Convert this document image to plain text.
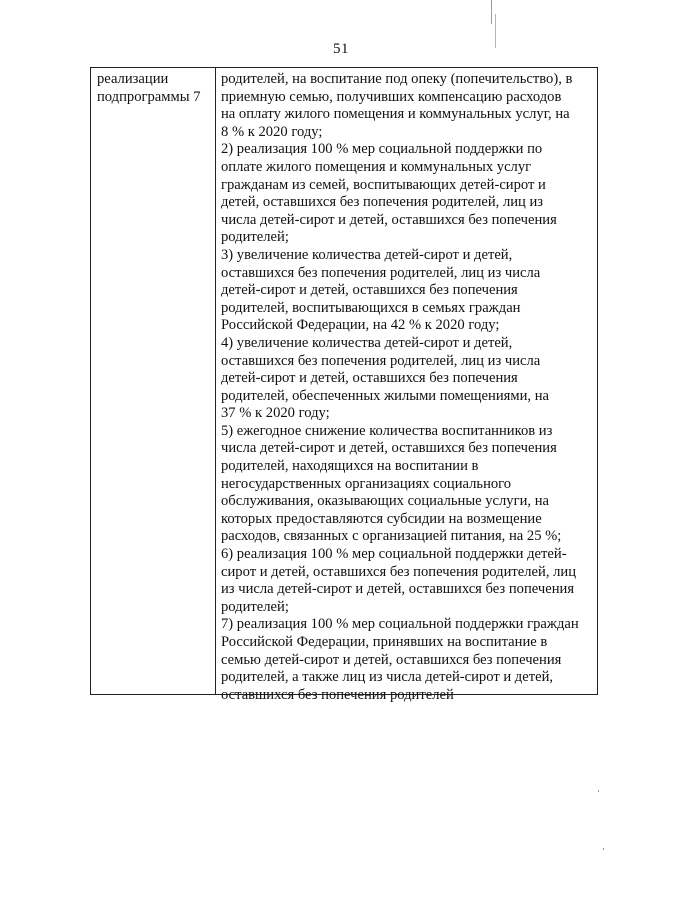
51
реализации
подпрограммы 7
родителей, на воспитание под опеку (попечительство), в
приемную семью, получивших компенсацию расходов
на оплату жилого помещения и коммунальных услуг, на
8 % к 2020 году;
2) реализация 100 % мер социальной поддержки по
оплате жилого помещения и коммунальных услуг
гражданам из семей, воспитывающих детей-сирот и
детей, оставшихся без попечения родителей, лиц из
числа детей-сирот и детей, оставшихся без попечения
родителей;
3) увеличение количества детей-сирот и детей,
оставшихся без попечения родителей, лиц из числа
детей-сирот и детей, оставшихся без попечения
родителей, воспитывающихся в семьях граждан
Российской Федерации, на 42 % к 2020 году;
4) увеличение количества детей-сирот и детей,
оставшихся без попечения родителей, лиц из числа
детей-сирот и детей, оставшихся без попечения
родителей, обеспеченных жилыми помещениями, на
37 % к 2020 году;
5) ежегодное снижение количества воспитанников из
числа детей-сирот и детей, оставшихся без попечения
родителей, находящихся на воспитании в
негосударственных организациях социального
обслуживания, оказывающих социальные услуги, на
которых предоставляются субсидии на возмещение
расходов, связанных с организацией питания, на 25 %;
6) реализация 100 % мер социальной поддержки детей-
сирот и детей, оставшихся без попечения родителей, лиц
из числа детей-сирот и детей, оставшихся без попечения
родителей;
7) реализация 100 % мер социальной поддержки граждан
Российской Федерации, принявших на воспитание в
семью детей-сирот и детей, оставшихся без попечения
родителей, а также лиц из числа детей-сирот и детей,
оставшихся без попечения родителей
